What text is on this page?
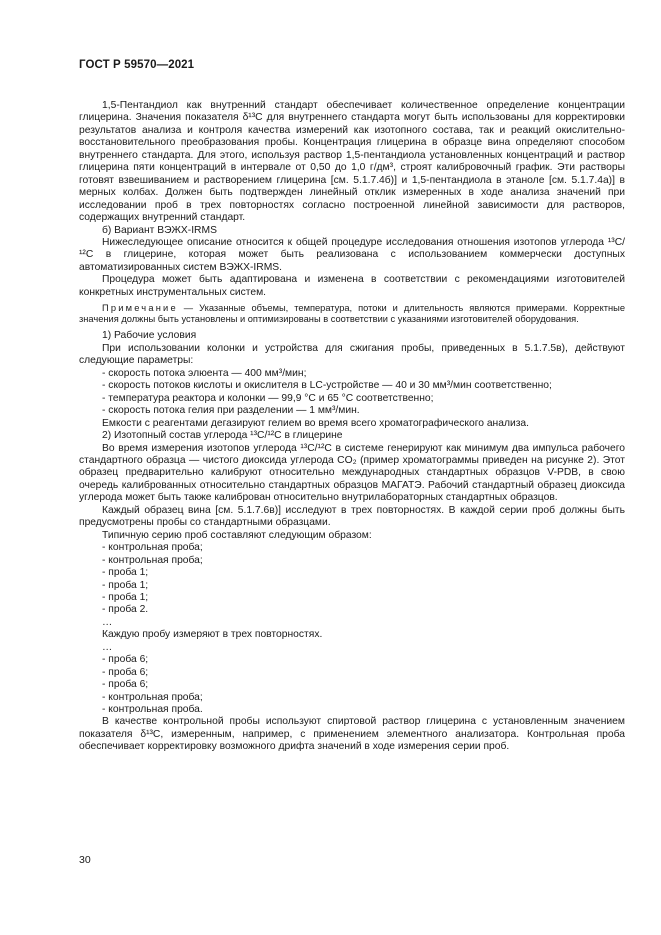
ГОСТ Р 59570—2021

1,5-Пентандиол как внутренний стандарт обеспечивает количественное определение концентрации глицерина. Значения показателя δ¹³C для внутреннего стандарта могут быть использованы для корректировки результатов анализа и контроля качества измерений как изотопного состава, так и реакций окислительно-восстановительного преобразования пробы. Концентрация глицерина в образце вина определяют способом внутреннего стандарта. Для этого, используя раствор 1,5-пентандиола установленных концентраций и раствор глицерина пяти концентраций в интервале от 0,50 до 1,0 г/дм³, строят калибровочный график. Эти растворы готовят взвешиванием и растворением глицерина [см. 5.1.7.4б)] и 1,5-пентандиола в этаноле [см. 5.1.7.4а)] в мерных колбах. Должен быть подтвержден линейный отклик измеренных в ходе анализа значений при исследовании проб в трех повторностях согласно построенной линейной зависимости для растворов, содержащих внутренний стандарт.

б) Вариант ВЭЖХ-IRMS

Нижеследующее описание относится к общей процедуре исследования отношения изотопов углерода ¹³C/¹²C в глицерине, которая может быть реализована с использованием коммерчески доступных автоматизированных систем ВЭЖХ-IRMS.

Процедура может быть адаптирована и изменена в соответствии с рекомендациями изготовителей конкретных инструментальных систем.

Примечание — Указанные объемы, температура, потоки и длительность являются примерами. Корректные значения должны быть установлены и оптимизированы в соответствии с указаниями изготовителей оборудования.

1) Рабочие условия

При использовании колонки и устройства для сжигания пробы, приведенных в 5.1.7.5в), действуют следующие параметры:

- скорость потока элюента — 400 мм³/мин;

- скорость потоков кислоты и окислителя в LC-устройстве — 40 и 30 мм³/мин соответственно;

- температура реактора и колонки — 99,9 °C и 65 °C соответственно;

- скорость потока гелия при разделении — 1 мм³/мин.

Емкости с реагентами дегазируют гелием во время всего хроматографического анализа.

2) Изотопный состав углерода ¹³C/¹²C в глицерине

Во время измерения изотопов углерода ¹³C/¹²C в системе генерируют как минимум два импульса рабочего стандартного образца — чистого диоксида углерода CO₂ (пример хроматограммы приведен на рисунке 2). Этот образец предварительно калибруют относительно международных стандартных образцов V-PDB, в свою очередь калиброванных относительно стандартных образцов МАГАТЭ. Рабочий стандартный образец диоксида углерода может быть также калиброван относительно внутрилабораторных стандартных образцов.

Каждый образец вина [см. 5.1.7.6в)] исследуют в трех повторностях. В каждой серии проб должны быть предусмотрены пробы со стандартными образцами.

Типичную серию проб составляют следующим образом:

- контрольная проба;

- контрольная проба;

- проба 1;

- проба 1;

- проба 1;

- проба 2.

…

Каждую пробу измеряют в трех повторностях.

…

- проба 6;

- проба 6;

- проба 6;

- контрольная проба;

- контрольная проба.

В качестве контрольной пробы используют спиртовой раствор глицерина с установленным значением показателя δ¹³C, измеренным, например, с применением элементного анализатора. Контрольная проба обеспечивает корректировку возможного дрифта значений в ходе измерения серии проб.

30
